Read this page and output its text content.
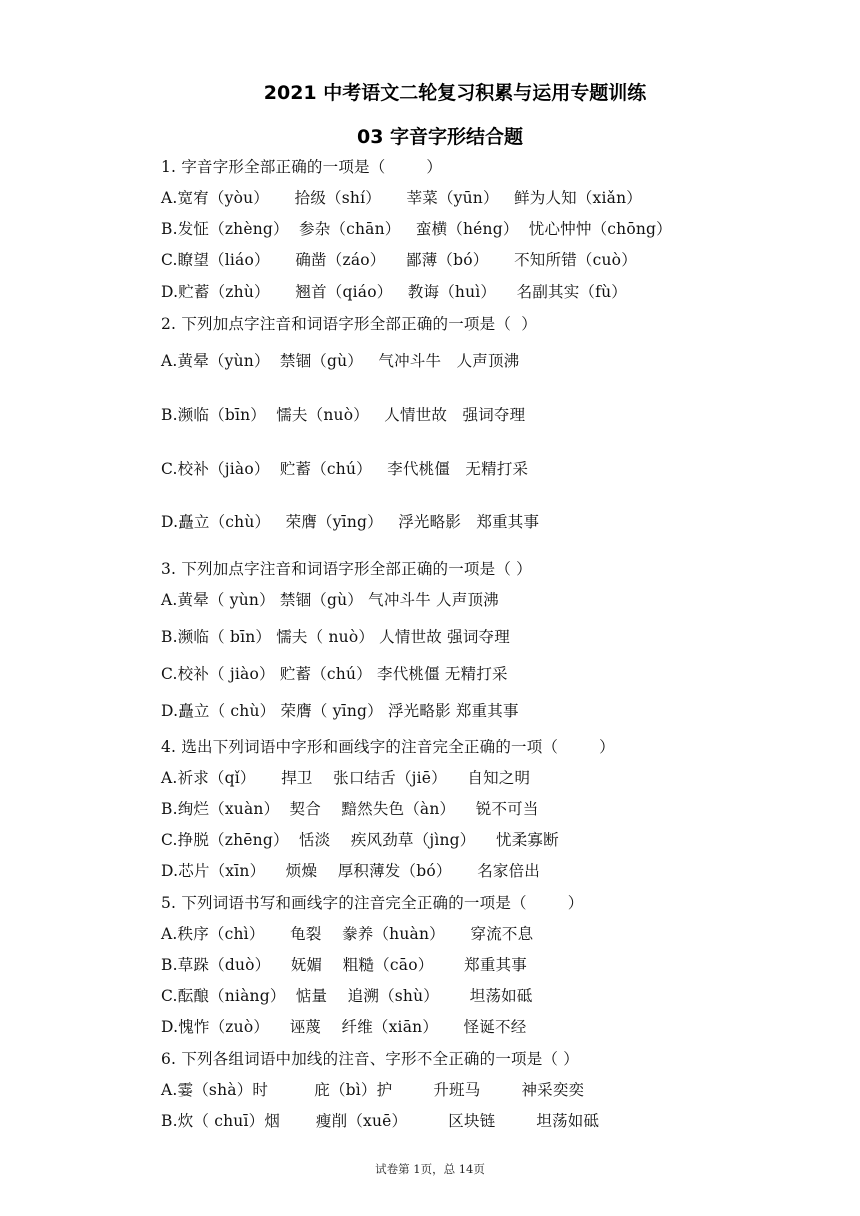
2021 中考语文二轮复习积累与运用专题训练
03 字音字形结合题
1. 字音字形全部正确的一项是（        ）
A.宽宥（yòu）     拾级（shí）     莘菜（yūn）   鲜为人知（xiǎn）
B.发怔（zhèng）  参杂（chān）   蛮横（héng）  忧心忡忡（chōng）
C.瞭望（liáo）     确凿（záo）    鄙薄（bó）     不知所错（cuò）
D.贮蓄（zhù）     翘首（qiáo）   教诲（huì）    名副其实（fù）
2. 下列加点字注音和词语字形全部正确的一项是（  ）
A.黄晕（yùn）  禁锢（gù）   气冲斗牛   人声顶沸
B.濒临（bīn）  懦夫（nuò）   人情世故   强词夺理
C.校补（jiào）  贮蓄（chú）   李代桃僵   无精打采
D.矗立（chù）   荣膺（yīng）   浮光略影   郑重其事
3. 下列加点字注音和词语字形全部正确的一项是（ ）
A.黄晕（ yùn） 禁锢（gù） 气冲斗牛 人声顶沸
B.濒临（ bīn） 懦夫（ nuò） 人情世故 强词夺理
C.校补（ jiào） 贮蓄（chú） 李代桃僵 无精打采
D.矗立（ chù） 荣膺（ yīng） 浮光略影 郑重其事
4. 选出下列词语中字形和画线字的注音完全正确的一项（        ）
A.祈求（qǐ）     捍卫    张口结舌（jiē）    自知之明
B.绚烂（xuàn）  契合    黯然失色（àn）    锐不可当
C.挣脱（zhēng）  恬淡    疾风劲草（jìng）    忧柔寡断
D.芯片（xīn）    烦燥    厚积薄发（bó）     名家倍出
5. 下列词语书写和画线字的注音完全正确的一项是（        ）
A.秩序（chì）     龟裂    豢养（huàn）     穿流不息
B.草跺（duò）    妩媚    粗糙（cāo）      郑重其事
C.酝酿（niàng）  惦量    追溯（shù）      坦荡如砥
D.愧怍（zuò）    诬蔑    纤维（xiān）     怪诞不经
6. 下列各组词语中加线的注音、字形不全正确的一项是（ ）
A.霎（shà）时         庇（bì）护        升班马        神采奕奕
B.炊（ chuī）烟       瘦削（xuē）        区块链        坦荡如砥
试卷第 1页，总 14页
